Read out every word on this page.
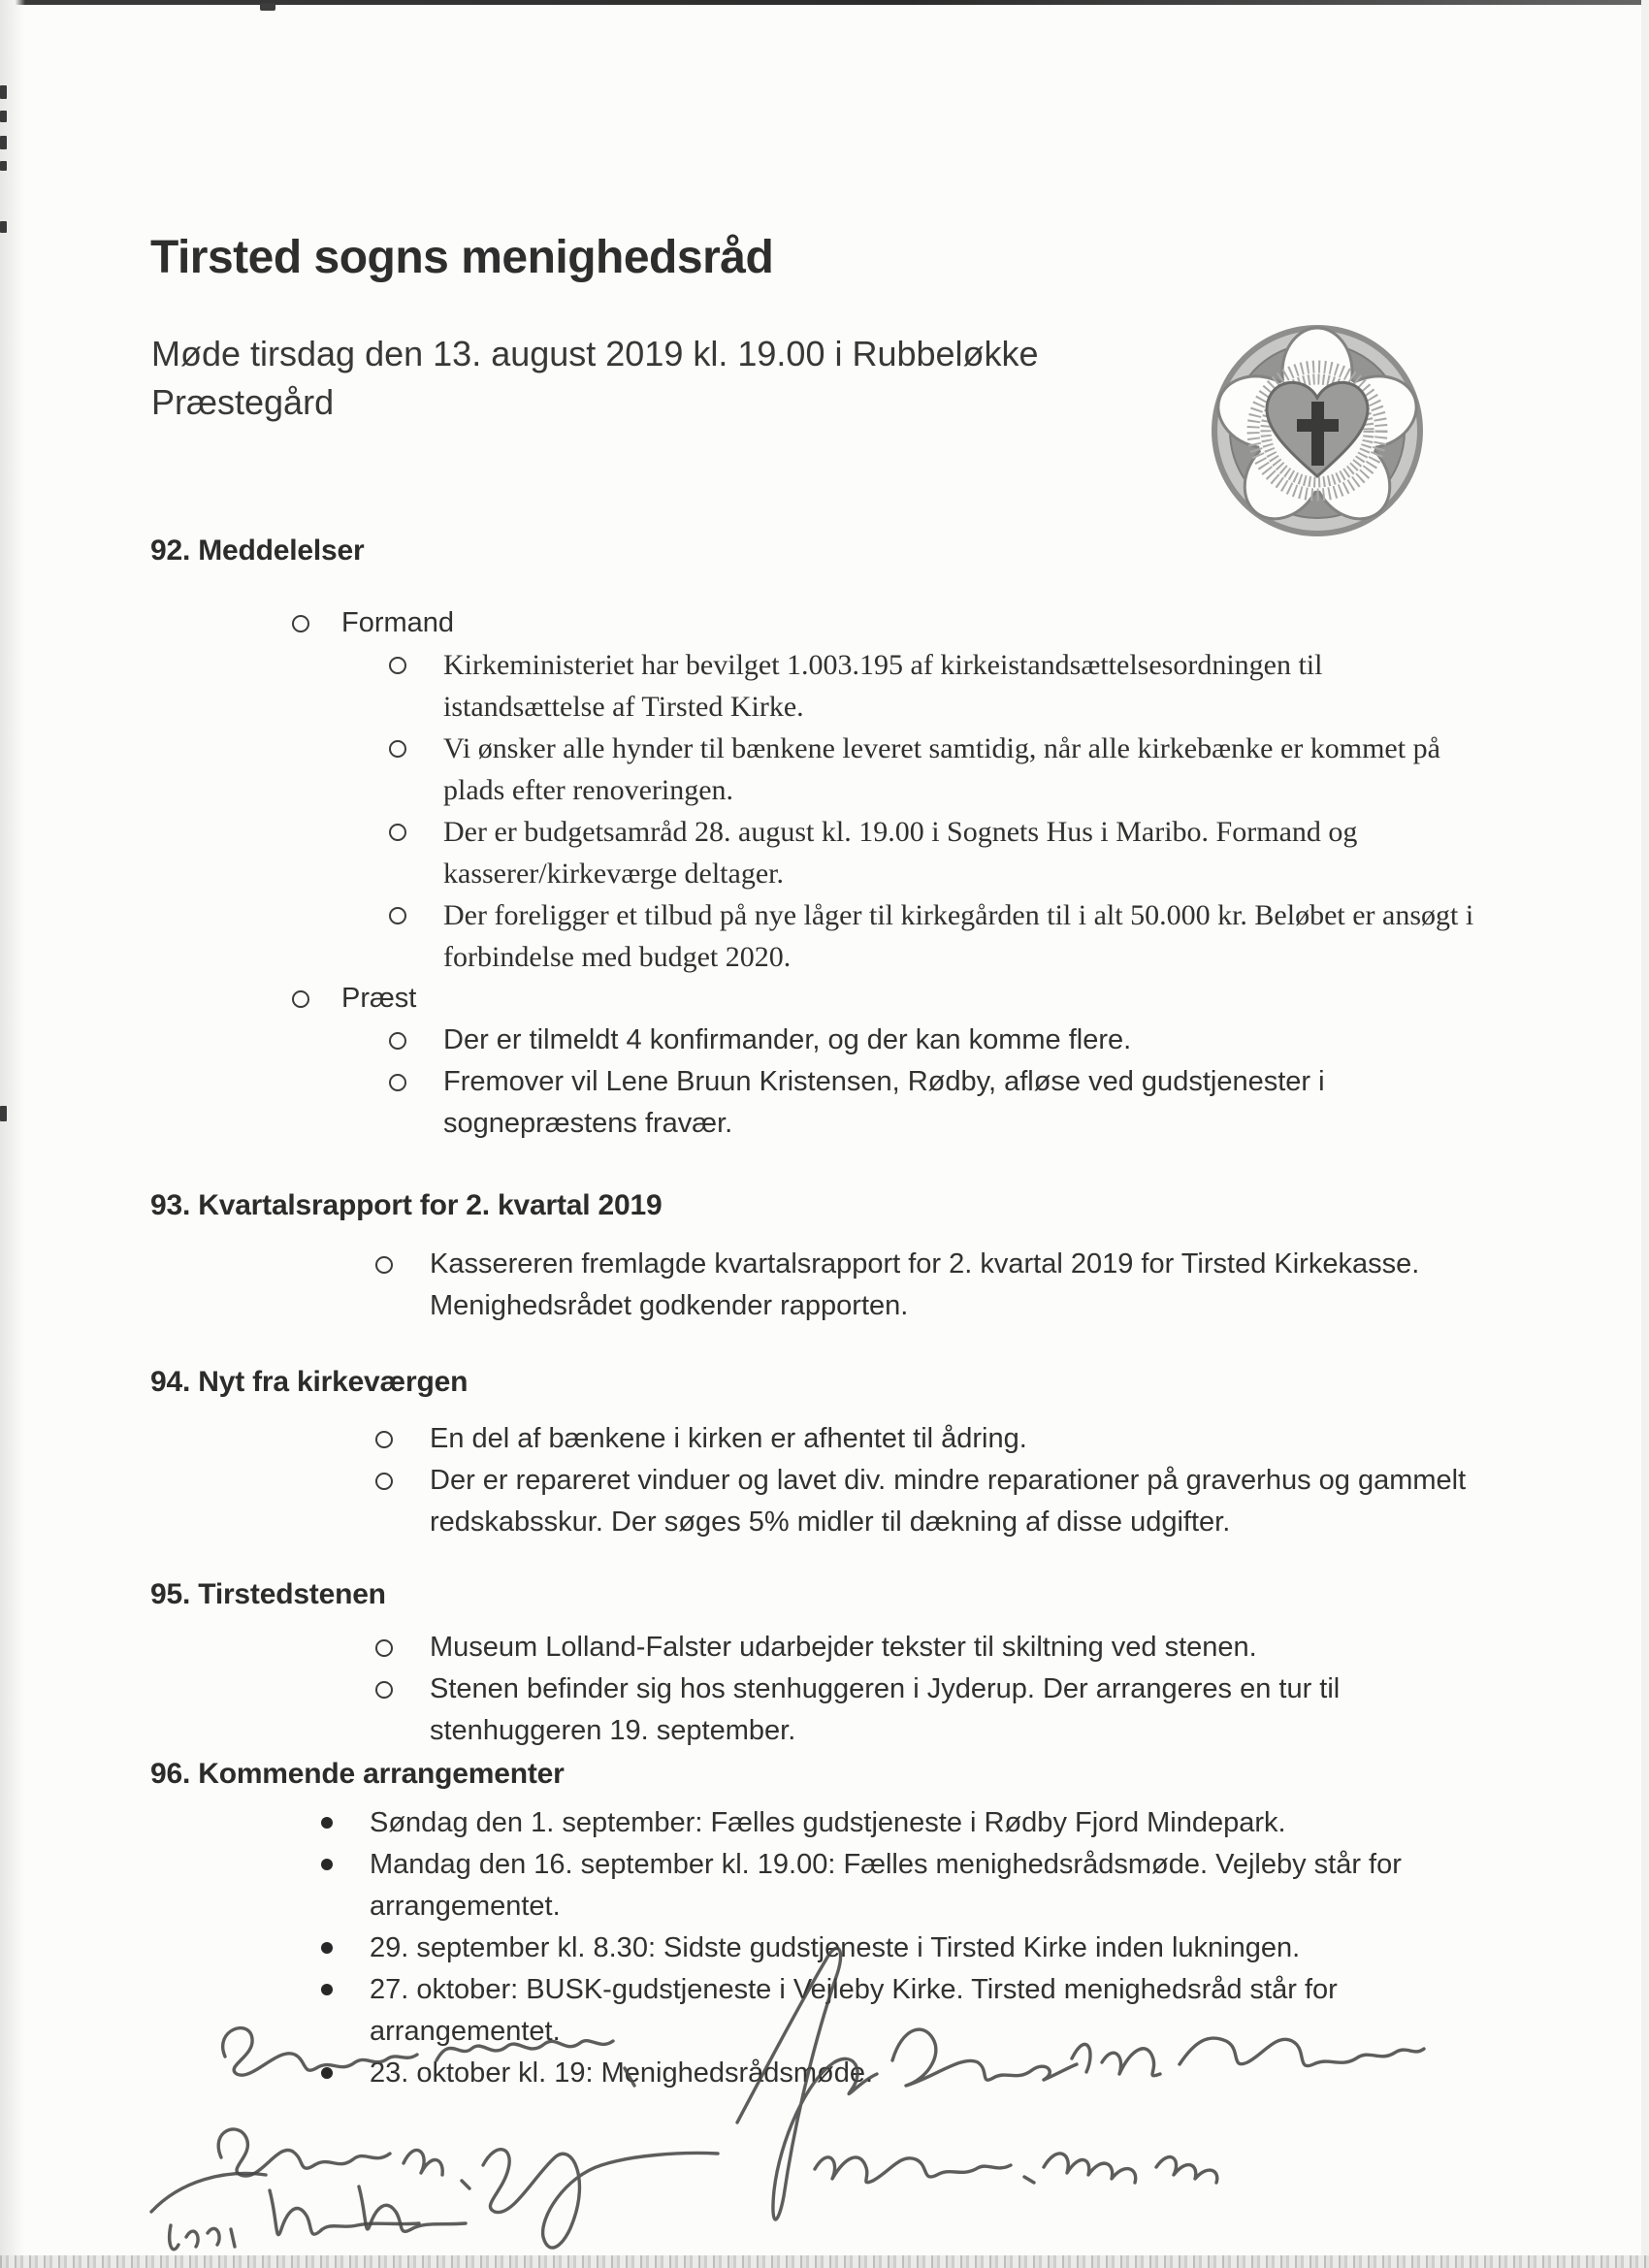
Tirsted sogns menighedsråd
Møde tirsdag den 13. august 2019 kl. 19.00 i Rubbeløkke Præstegård
92. Meddelelser
Formand
Kirkeministeriet har bevilget 1.003.195 af kirkeistandsættelsesordningen til istandsættelse af Tirsted Kirke.
Vi ønsker alle hynder til bænkene leveret samtidig, når alle kirkebænke er kommet på plads efter renoveringen.
Der er budgetsamråd 28. august kl. 19.00 i Sognets Hus i Maribo. Formand og kasserer/kirkeværge deltager.
Der foreligger et tilbud på nye låger til kirkegården til i alt 50.000 kr. Beløbet er ansøgt i forbindelse med budget 2020.
Præst
Der er tilmeldt 4 konfirmander, og der kan komme flere.
Fremover vil Lene Bruun Kristensen, Rødby, afløse ved gudstjenester i sognepræstens fravær.
93. Kvartalsrapport for 2. kvartal 2019
Kassereren fremlagde kvartalsrapport for 2. kvartal 2019 for Tirsted Kirkekasse. Menighedsrådet godkender rapporten.
94. Nyt fra kirkeværgen
En del af bænkene i kirken er afhentet til ådring.
Der er repareret vinduer og lavet div. mindre reparationer på graverhus og gammelt redskabsskur. Der søges 5% midler til dækning af disse udgifter.
95. Tirstedstenen
Museum Lolland-Falster udarbejder tekster til skiltning ved stenen.
Stenen befinder sig hos stenhuggeren i Jyderup. Der arrangeres en tur til stenhuggeren 19. september.
96. Kommende arrangementer
Søndag den 1. september: Fælles gudstjeneste i Rødby Fjord Mindepark.
Mandag den 16. september kl. 19.00: Fælles menighedsrådsmøde. Vejleby står for arrangementet.
29. september kl. 8.30: Sidste gudstjeneste i Tirsted Kirke inden lukningen.
27. oktober: BUSK-gudstjeneste i Vejleby Kirke. Tirsted menighedsråd står for arrangementet.
23. oktober kl. 19: Menighedsrådsmøde.
